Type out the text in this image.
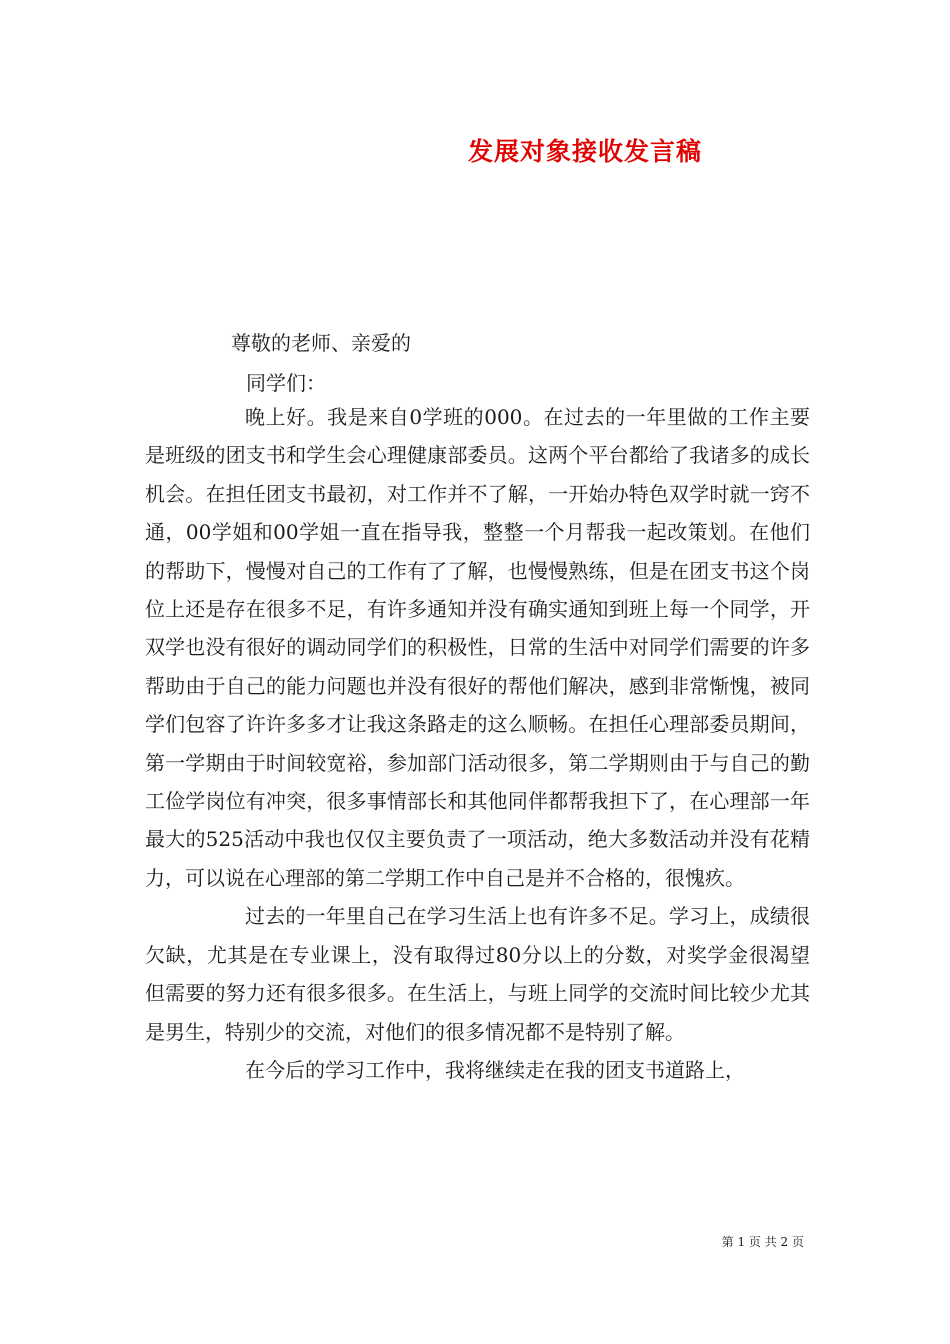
发展对象接收发言稿
尊敬的老师、亲爱的
同学们：

晚上好。我是来自0学班的000。在过去的一年里做的工作主要是班级的团支书和学生会心理健康部委员。这两个平台都给了我诸多的成长机会。在担任团支书最初，对工作并不了解，一开始办特色双学时就一窍不通，00学姐和00学姐一直在指导我，整整一个月帮我一起改策划。在他们的帮助下，慢慢对自己的工作有了了解，也慢慢熟练，但是在团支书这个岗位上还是存在很多不足，有许多通知并没有确实通知到班上每一个同学，开双学也没有很好的调动同学们的积极性，日常的生活中对同学们需要的许多帮助由于自己的能力问题也并没有很好的帮他们解决，感到非常惭愧，被同学们包容了许许多多才让我这条路走的这么顺畅。在担任心理部委员期间，第一学期由于时间较宽裕，参加部门活动很多，第二学期则由于与自己的勤工俭学岗位有冲突，很多事情部长和其他同伴都帮我担下了，在心理部一年最大的525活动中我也仅仅主要负责了一项活动，绝大多数活动并没有花精力，可以说在心理部的第二学期工作中自己是并不合格的，很愧疚。

过去的一年里自己在学习生活上也有许多不足。学习上，成绩很欠缺，尤其是在专业课上，没有取得过80分以上的分数，对奖学金很渴望但需要的努力还有很多很多。在生活上，与班上同学的交流时间比较少尤其是男生，特别少的交流，对他们的很多情况都不是特别了解。

在今后的学习工作中，我将继续走在我的团支书道路上，

第 1 页 共 2 页
